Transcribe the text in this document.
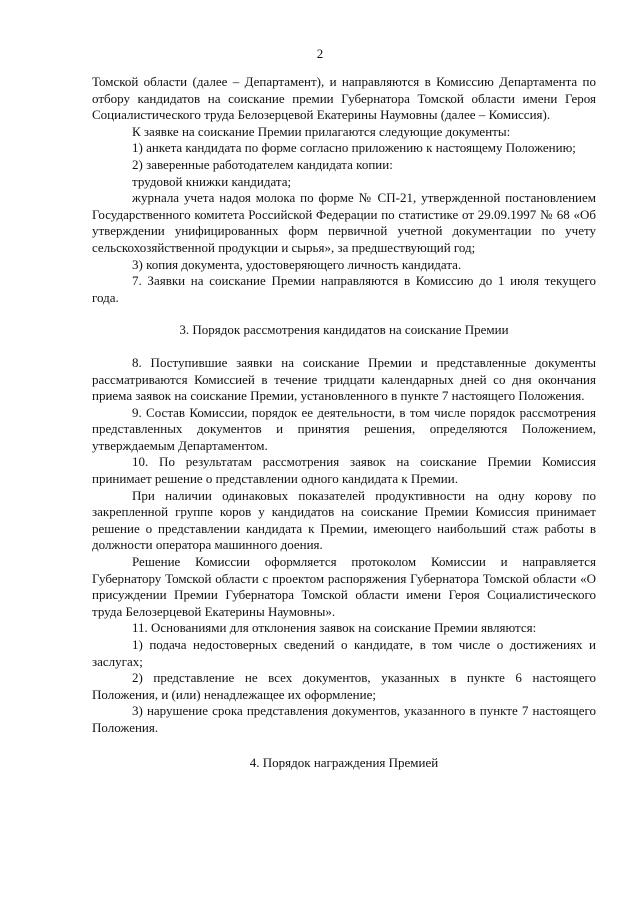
2

Томской области (далее – Департамент), и направляются в Комиссию Департамента по отбору кандидатов на соискание премии Губернатора Томской области имени Героя Социалистического труда Белозерцевой Екатерины Наумовны (далее – Комиссия).

К заявке на соискание Премии прилагаются следующие документы:

1) анкета кандидата по форме согласно приложению к настоящему Положению;

2) заверенные работодателем кандидата копии:

трудовой книжки кандидата;

журнала учета надоя молока по форме № СП-21, утвержденной постановлением Государственного комитета Российской Федерации по статистике от 29.09.1997 № 68 «Об утверждении унифицированных форм первичной учетной документации по учету сельскохозяйственной продукции и сырья», за предшествующий год;

3) копия документа, удостоверяющего личность кандидата.

7. Заявки на соискание Премии направляются в Комиссию до 1 июля текущего года.

3. Порядок рассмотрения кандидатов на соискание Премии

8. Поступившие заявки на соискание Премии и представленные документы рассматриваются Комиссией в течение тридцати календарных дней со дня окончания приема заявок на соискание Премии, установленного в пункте 7 настоящего Положения.

9. Состав Комиссии, порядок ее деятельности, в том числе порядок рассмотрения представленных документов и принятия решения, определяются Положением, утверждаемым Департаментом.

10. По результатам рассмотрения заявок на соискание Премии Комиссия принимает решение о представлении одного кандидата к Премии.

При наличии одинаковых показателей продуктивности на одну корову по закрепленной группе коров у кандидатов на соискание Премии Комиссия принимает решение о представлении кандидата к Премии, имеющего наибольший стаж работы в должности оператора машинного доения.

Решение Комиссии оформляется протоколом Комиссии и направляется Губернатору Томской области с проектом распоряжения Губернатора Томской области «О присуждении Премии Губернатора Томской области имени Героя Социалистического труда Белозерцевой Екатерины Наумовны».

11. Основаниями для отклонения заявок на соискание Премии являются:

1) подача недостоверных сведений о кандидате, в том числе о достижениях и заслугах;

2) представление не всех документов, указанных в пункте 6 настоящего Положения, и (или) ненадлежащее их оформление;

3) нарушение срока представления документов, указанного в пункте 7 настоящего Положения.

4. Порядок награждения Премией
